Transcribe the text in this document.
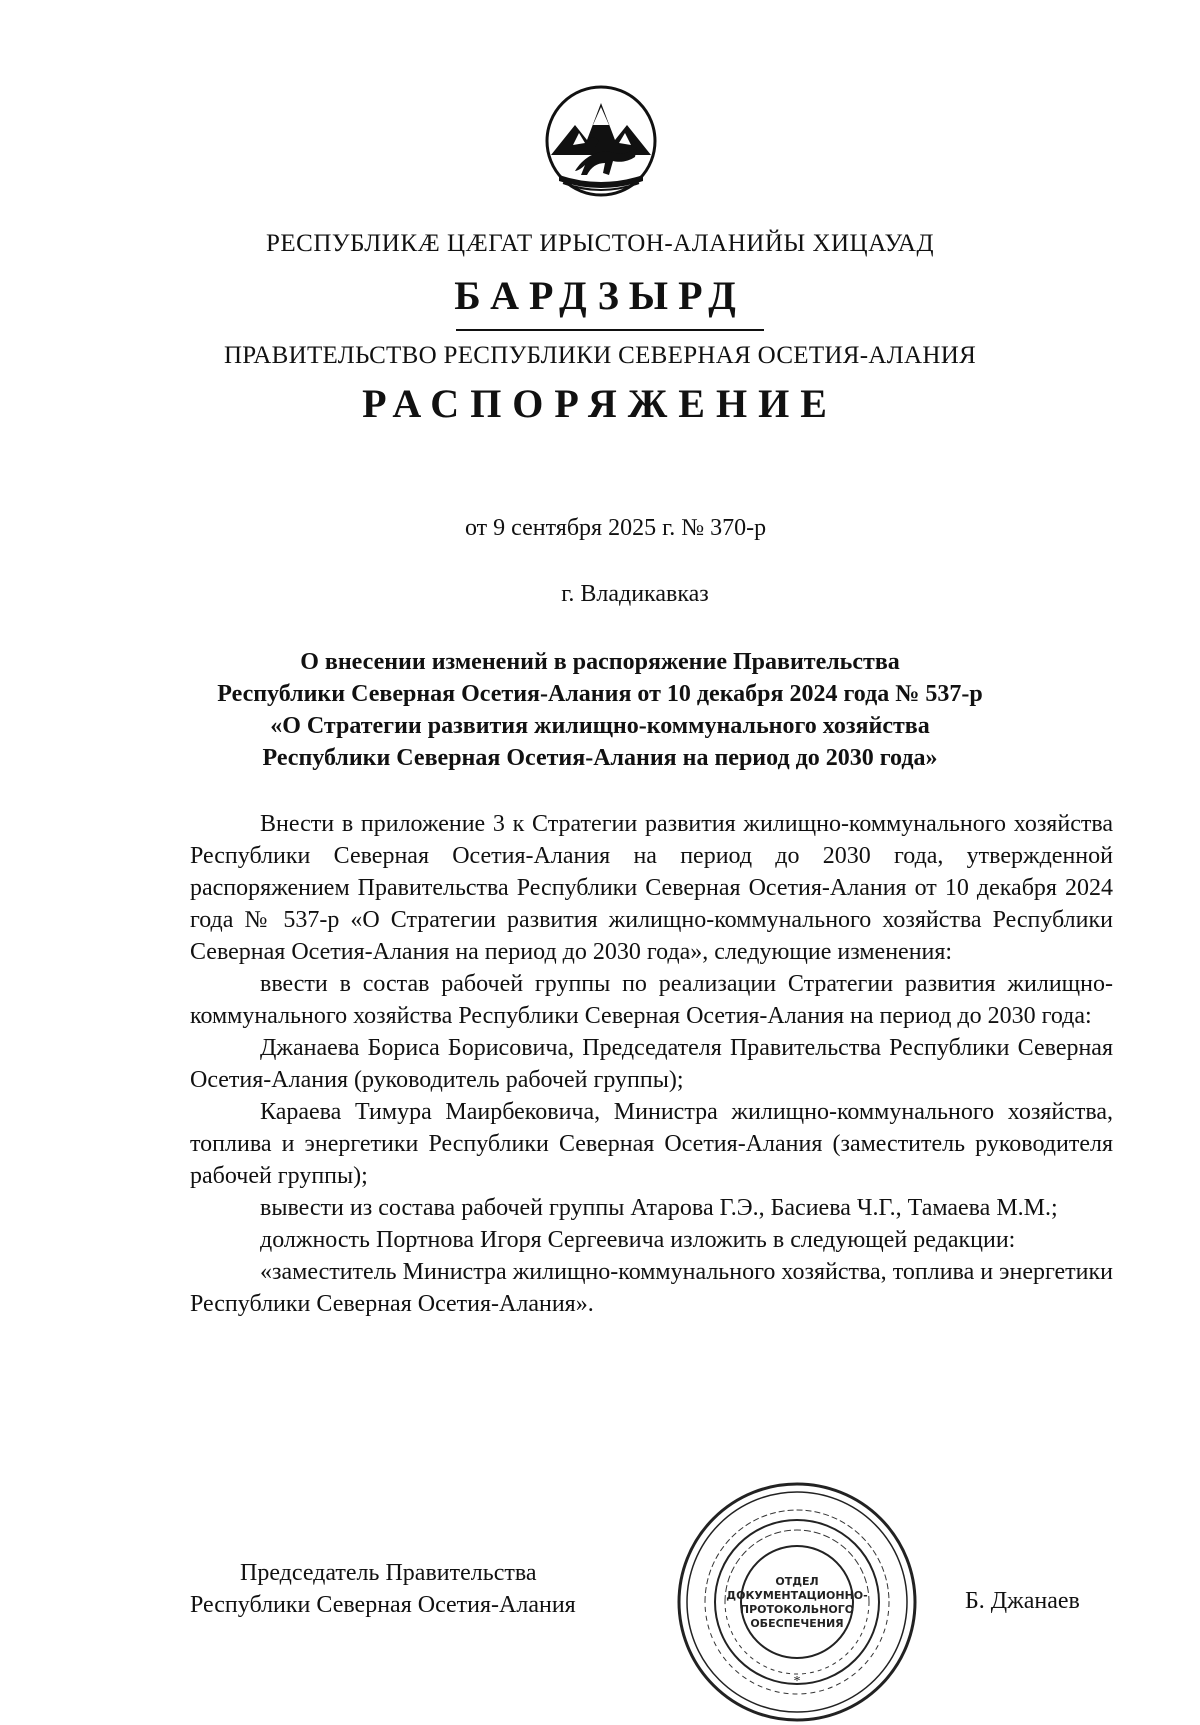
РЕСПУБЛИКÆ ЦÆГАТ ИРЫСТОН-АЛАНИЙЫ ХИЦАУАД
БАРДЗЫРД
ПРАВИТЕЛЬСТВО РЕСПУБЛИКИ СЕВЕРНАЯ ОСЕТИЯ-АЛАНИЯ
РАСПОРЯЖЕНИЕ
от 9 сентября 2025 г. № 370-р
г. Владикавказ
О внесении изменений в распоряжение Правительства
Республики Северная Осетия-Алания от 10 декабря 2024 года № 537-р
«О Стратегии развития жилищно-коммунального хозяйства
Республики Северная Осетия-Алания на период до 2030 года»

Внести в приложение 3 к Стратегии развития жилищно-коммунального хозяйства Республики Северная Осетия-Алания на период до 2030 года, утвержденной распоряжением Правительства Республики Северная Осетия-Алания от 10 декабря 2024 года № 537-р «О Стратегии развития жилищно-коммунального хозяйства Республики Северная Осетия-Алания на период до 2030 года», следующие изменения:

ввести в состав рабочей группы по реализации Стратегии развития жилищно-коммунального хозяйства Республики Северная Осетия-Алания на период до 2030 года:

Джанаева Бориса Борисовича, Председателя Правительства Республики Северная Осетия-Алания (руководитель рабочей группы);

Караева Тимура Маирбековича, Министра жилищно-коммунального хозяйства, топлива и энергетики Республики Северная Осетия-Алания (заместитель руководителя рабочей группы);

вывести из состава рабочей группы Атарова Г.Э., Басиева Ч.Г., Тамаева М.М.;

должность Портнова Игоря Сергеевича изложить в следующей редакции:

«заместитель Министра жилищно-коммунального хозяйства, топлива и энергетики Республики Северная Осетия-Алания».

Председатель Правительства
Республики Северная Осетия-Алания
ОТДЕЛ
ДОКУМЕНТАЦИОННО-
ПРОТОКОЛЬНОГО
ОБЕСПЕЧЕНИЯ
*
Б. Джанаев
